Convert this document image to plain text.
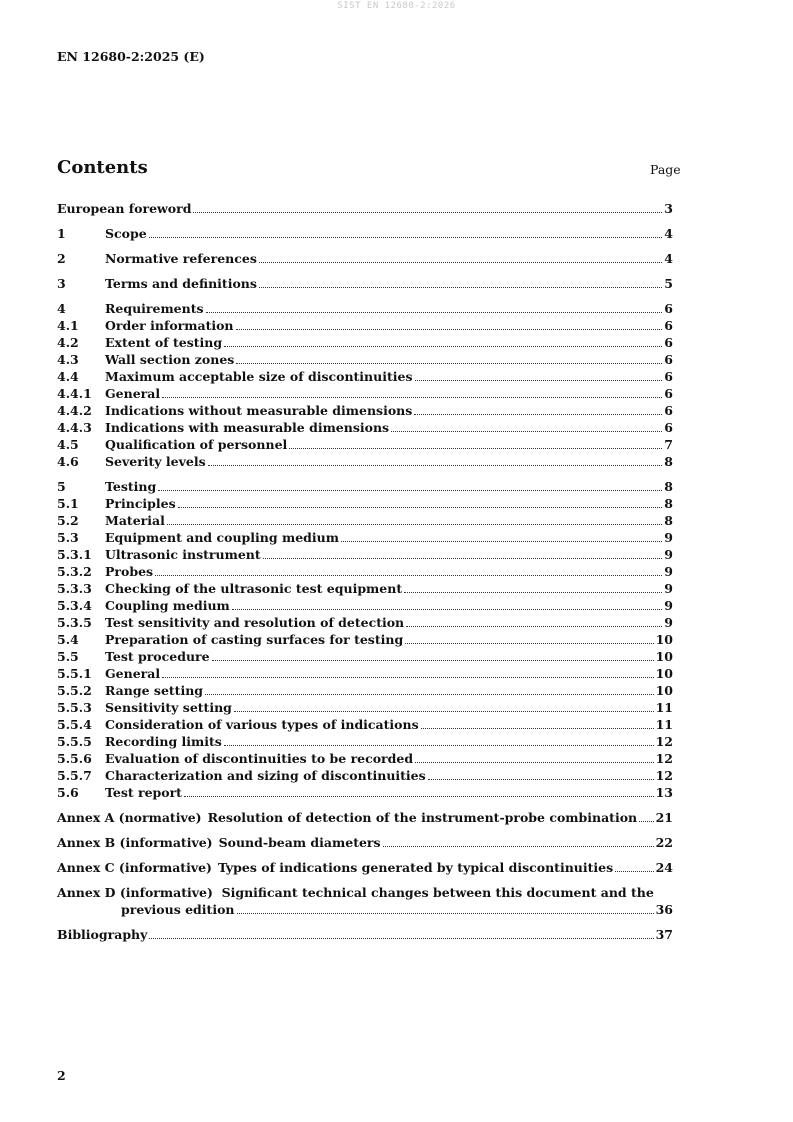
SIST EN 12680-2:2026
EN 12680-2:2025 (E)
Contents	Page
European foreword	3
1	Scope	4
2	Normative references	4
3	Terms and definitions	5
4	Requirements	6
4.1	Order information	6
4.2	Extent of testing	6
4.3	Wall section zones	6
4.4	Maximum acceptable size of discontinuities	6
4.4.1	General	6
4.4.2	Indications without measurable dimensions	6
4.4.3	Indications with measurable dimensions	6
4.5	Qualification of personnel	7
4.6	Severity levels	8
5	Testing	8
5.1	Principles	8
5.2	Material	8
5.3	Equipment and coupling medium	9
5.3.1	Ultrasonic instrument	9
5.3.2	Probes	9
5.3.3	Checking of the ultrasonic test equipment	9
5.3.4	Coupling medium	9
5.3.5	Test sensitivity and resolution of detection	9
5.4	Preparation of casting surfaces for testing	10
5.5	Test procedure	10
5.5.1	General	10
5.5.2	Range setting	10
5.5.3	Sensitivity setting	11
5.5.4	Consideration of various types of indications	11
5.5.5	Recording limits	12
5.5.6	Evaluation of discontinuities to be recorded	12
5.5.7	Characterization and sizing of discontinuities	12
5.6	Test report	13
Annex A (normative) Resolution of detection of the instrument-probe combination 21
Annex B (informative) Sound-beam diameters	22
Annex C (informative) Types of indications generated by typical discontinuities	24
Annex D (informative) Significant technical changes between this document and the
previous edition	36
Bibliography	37
2
